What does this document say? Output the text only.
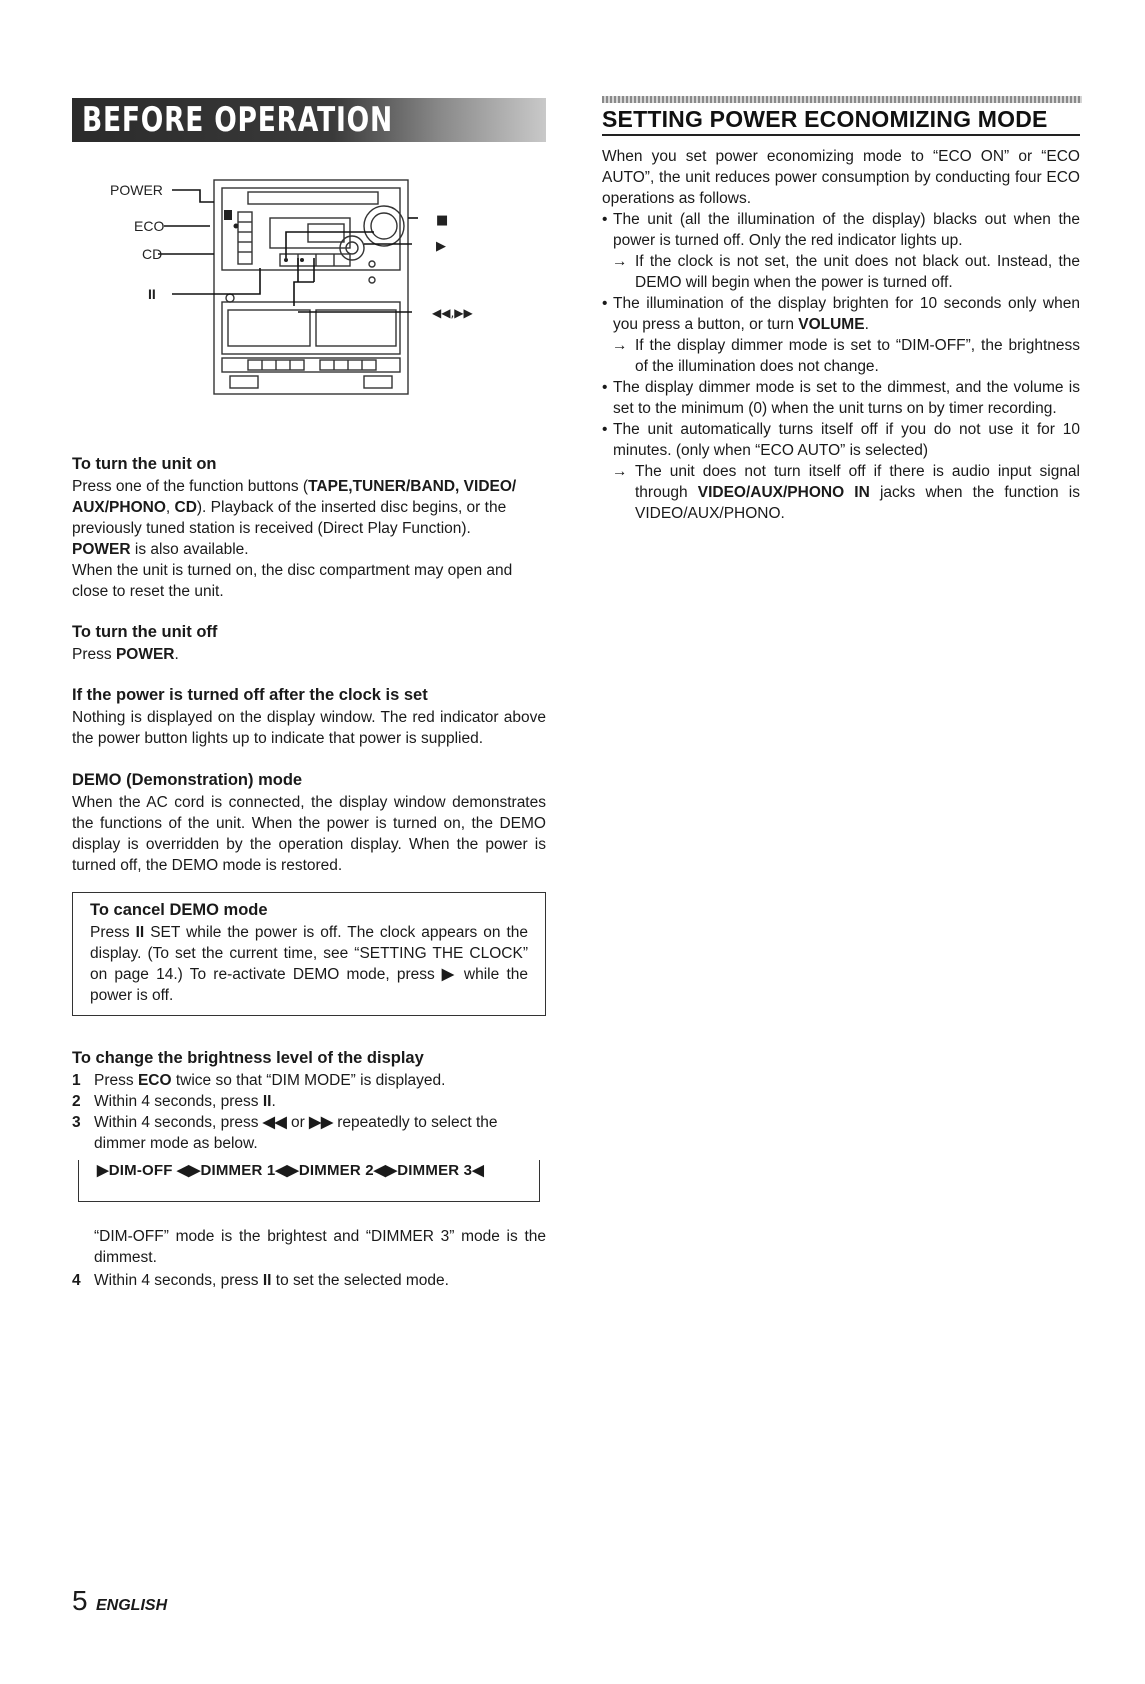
BEFORE OPERATION	SETTING POWER ECONOMIZING MODE
POWER
ECO
CD
II
■
▶
◀◀,▶▶
To turn the unit on

Press one of the function buttons (TAPE,TUNER/BAND, VIDEO/ AUX/PHONO, CD). Playback of the inserted disc begins, or the previously tuned station is received (Direct Play Function).

POWER is also available.

When the unit is turned on, the disc compartment may open and close to reset the unit.

To turn the unit off
Press POWER.
If the power is turned off after the clock is set
Nothing is displayed on the display window. The red indicator above the power button lights up to indicate that power is supplied.
DEMO (Demonstration) mode
When the AC cord is connected, the display window demonstrates the functions of the unit. When the power is turned on, the DEMO display is overridden by the operation display. When the power is turned off, the DEMO mode is restored.
To cancel DEMO mode
Press II SET while the power is off. The clock appears on the display. (To set the current time, see “SETTING THE CLOCK” on page 14.) To re-activate DEMO mode, press ▶ while the power is off.
To change the brightness level of the display
1 Press ECO twice so that “DIM MODE” is displayed.
2 Within 4 seconds, press II.
3 Within 4 seconds, press ◀◀ or ▶▶ repeatedly to select the dimmer mode as below.
▶DIM-OFF ◀▶DIMMER 1◀▶DIMMER 2◀▶DIMMER 3◀
“DIM-OFF” mode is the brightest and “DIMMER 3” mode is the dimmest.
4 Within 4 seconds, press II to set the selected mode.
When you set power economizing mode to “ECO ON” or “ECO AUTO”, the unit reduces power consumption by conducting four ECO operations as follows.

• The unit (all the illumination of the display) blacks out when the power is turned off. Only the red indicator lights up.

→ If the clock is not set, the unit does not black out. Instead, the DEMO will begin when the power is turned off.

• The illumination of the display brighten for 10 seconds only when you press a button, or turn VOLUME.

→ If the display dimmer mode is set to “DIM-OFF”, the brightness of the illumination does not change.

• The display dimmer mode is set to the dimmest, and the volume is set to the minimum (0) when the unit turns on by timer recording.

• The unit automatically turns itself off if you do not use it for 10 minutes. (only when “ECO AUTO” is selected)

→ The unit does not turn itself off if there is audio input signal through VIDEO/AUX/PHONO IN jacks when the function is VIDEO/AUX/PHONO.

5 ENGLISH
